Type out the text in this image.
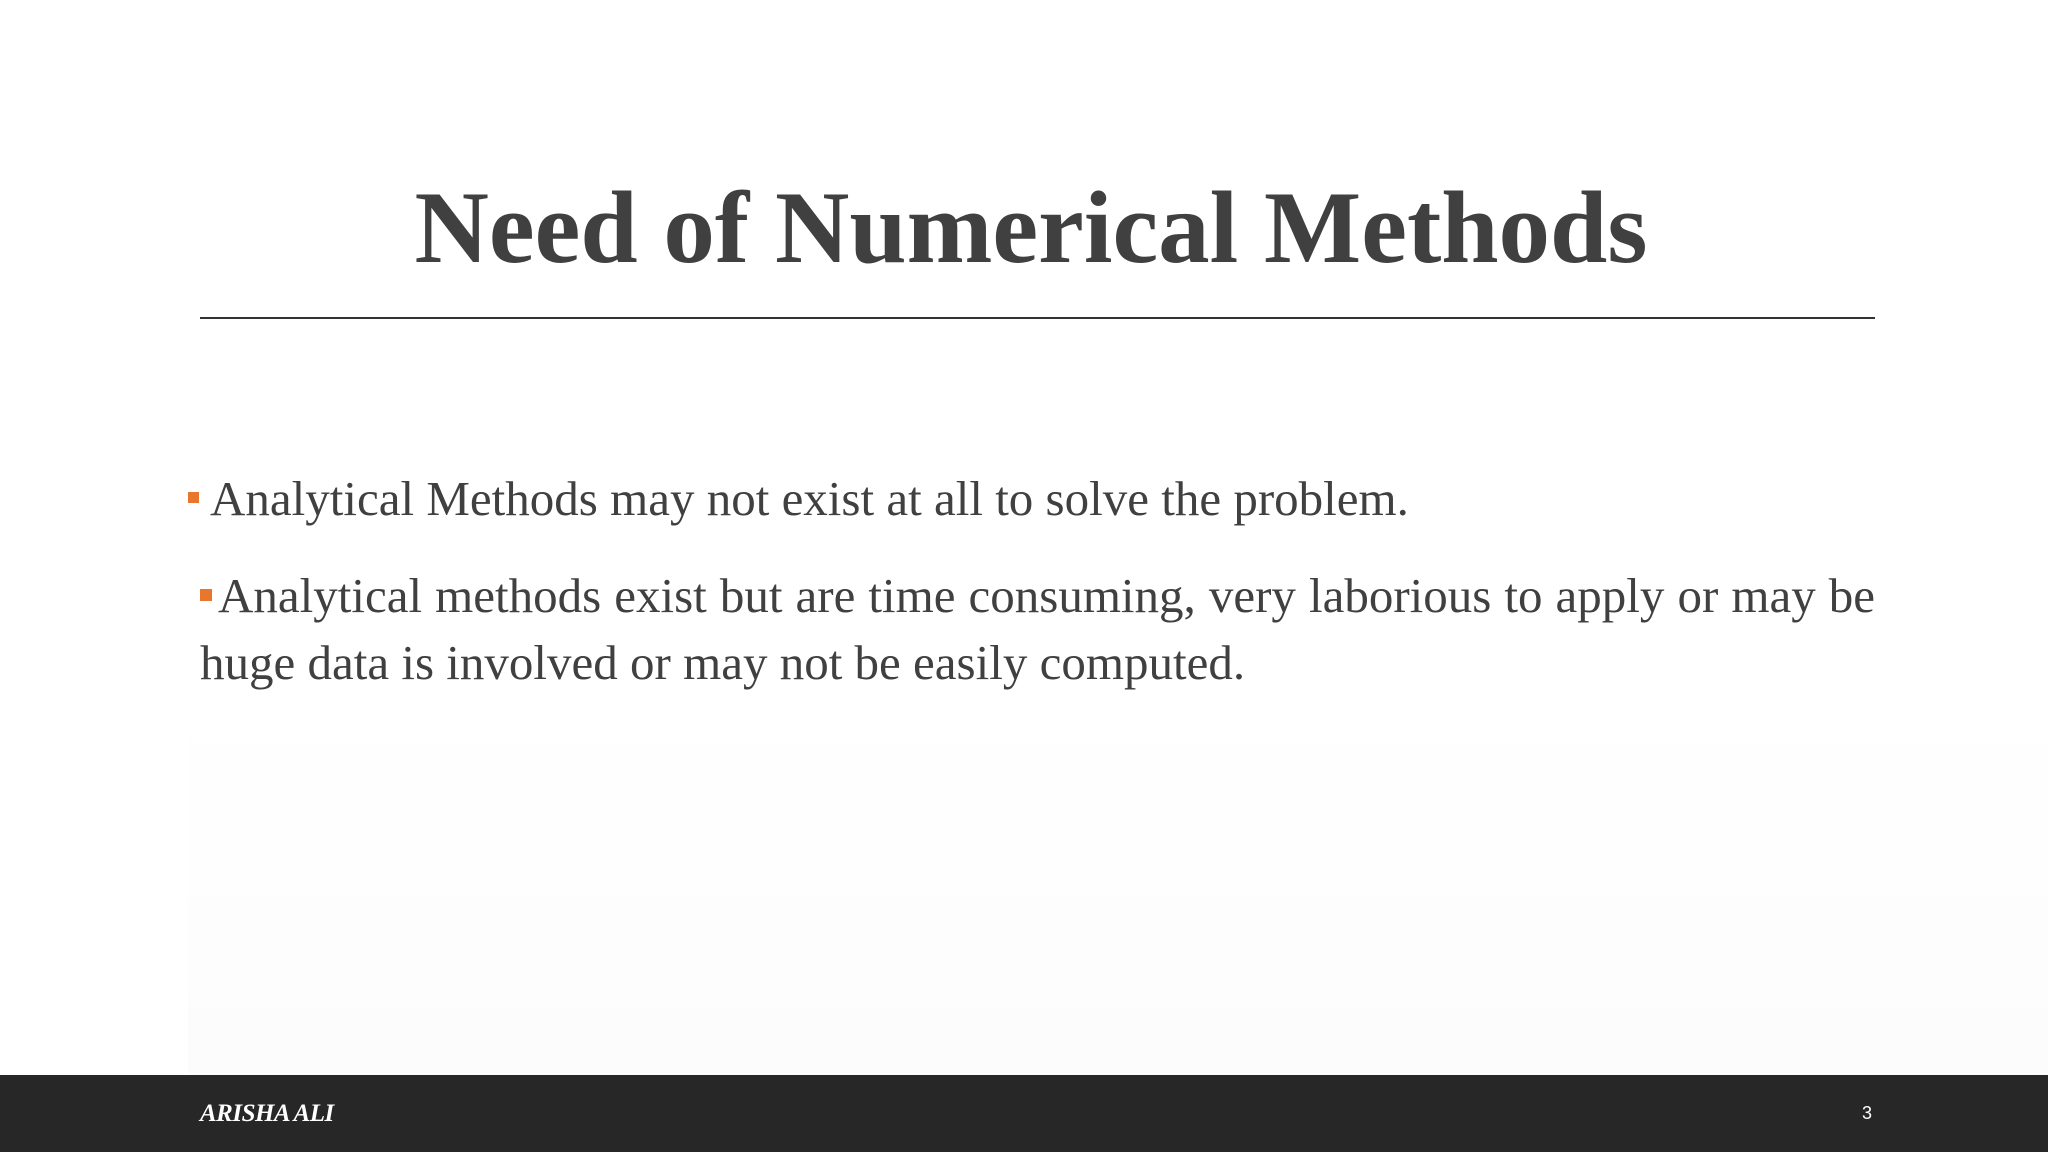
Need of Numerical Methods
Analytical Methods may not exist at all to solve the problem.
Analytical methods exist but are time consuming, very laborious to apply or may be huge data is involved or may not be easily computed.
ARISHA ALI	3
